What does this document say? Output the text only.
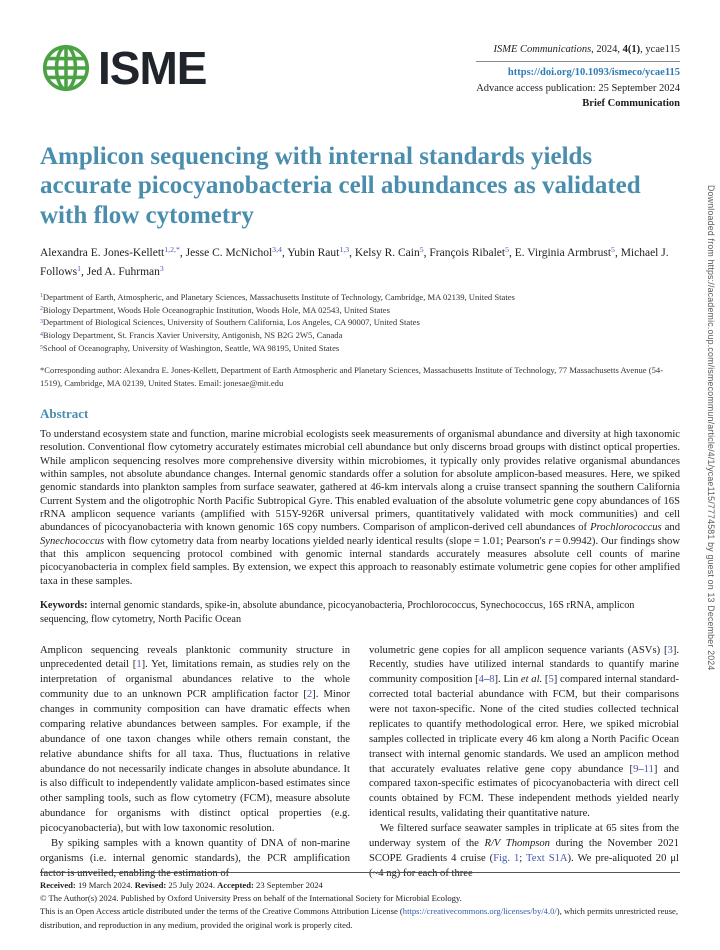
ISME	ISME Communications, 2024, 4(1), ycae115
https://doi.org/10.1093/ismeco/ycae115
Advance access publication: 25 September 2024
Brief Communication
Amplicon sequencing with internal standards yields accurate picocyanobacteria cell abundances as validated with flow cytometry
Alexandra E. Jones-Kellett$^{1,2,*}$, Jesse C. McNichol$^{3,4}$, Yubin Raut$^{1,3}$, Kelsy R. Cain$^5$, François Ribalet$^5$, E. Virginia Armbrust$^5$, Michael J. Follows$^1$, Jed A. Fuhrman$^3$
$^1$Department of Earth, Atmospheric, and Planetary Sciences, Massachusetts Institute of Technology, Cambridge, MA 02139, United States
$^2$Biology Department, Woods Hole Oceanographic Institution, Woods Hole, MA 02543, United States
$^3$Department of Biological Sciences, University of Southern California, Los Angeles, CA 90007, United States
$^4$Biology Department, St. Francis Xavier University, Antigonish, NS B2G 2W5, Canada
$^5$School of Oceanography, University of Washington, Seattle, WA 98195, United States
*Corresponding author: Alexandra E. Jones-Kellett, Department of Earth Atmospheric and Planetary Sciences, Massachusetts Institute of Technology, 77 Massachusetts Avenue (54-1519), Cambridge, MA 02139, United States. Email: jonesae@mit.edu
Abstract
To understand ecosystem state and function, marine microbial ecologists seek measurements of organismal abundance and diversity at high taxonomic resolution. Conventional flow cytometry accurately estimates microbial cell abundance but only discerns broad groups with distinct optical properties. While amplicon sequencing resolves more comprehensive diversity within microbiomes, it typically only provides relative organismal abundances within samples, not absolute abundance changes. Internal genomic standards offer a solution for absolute amplicon-based measures. Here, we spiked genomic standards into plankton samples from surface seawater, gathered at 46-km intervals along a cruise transect spanning the southern California Current System and the oligotrophic North Pacific Subtropical Gyre. This enabled evaluation of the absolute volumetric gene copy abundances of 16S rRNA amplicon sequence variants (amplified with 515Y-926R universal primers, quantitatively validated with mock communities) and cell abundances of picocyanobacteria with known genomic 16S copy numbers. Comparison of amplicon-derived cell abundances of Prochlorococcus and Synechococcus with flow cytometry data from nearby locations yielded nearly identical results (slope = 1.01; Pearson's r = 0.9942). Our findings show that this amplicon sequencing protocol combined with genomic internal standards accurately measures absolute cell counts of marine picocyanobacteria in complex field samples. By extension, we expect this approach to reasonably estimate volumetric gene copies for other amplified taxa in these samples.
Keywords: internal genomic standards, spike-in, absolute abundance, picocyanobacteria, Prochlorococcus, Synechococcus, 16S rRNA, amplicon sequencing, flow cytometry, North Pacific Ocean

Amplicon sequencing reveals planktonic community structure in unprecedented detail [1]. Yet, limitations remain, as studies rely on the interpretation of organismal abundances relative to the whole community due to an unknown PCR amplification factor [2]. Minor changes in community composition can have dramatic effects when comparing relative abundances between samples. For example, if the abundance of one taxon changes while others remain constant, the relative abundance shifts for all taxa. Thus, fluctuations in relative abundance do not necessarily indicate changes in absolute abundance. It is also difficult to independently validate amplicon-based estimates since other sampling tools, such as flow cytometry (FCM), measure absolute abundance for organisms with distinct optical properties (e.g. picocyanobacteria), but with low taxonomic resolution.

By spiking samples with a known quantity of DNA of non-marine organisms (i.e. internal genomic standards), the PCR amplification factor is unveiled, enabling the estimation of

volumetric gene copies for all amplicon sequence variants (ASVs) [3]. Recently, studies have utilized internal standards to quantify marine community composition [4–8]. Lin et al. [5] compared internal standard-corrected total bacterial abundance with FCM, but their comparisons were not taxon-specific. None of the cited studies collected technical replicates to quantify methodological error. Here, we spiked microbial samples collected in triplicate every 46 km along a North Pacific Ocean transect with internal genomic standards. We used an amplicon method that accurately evaluates relative gene copy abundance [9–11] and compared taxon-specific estimates of picocyanobacteria with direct cell counts obtained by FCM. These independent methods yielded nearly identical results, validating their quantitative nature.

We filtered surface seawater samples in triplicate at 65 sites from the underway system of the R/V Thompson during the November 2021 SCOPE Gradients 4 cruise (Fig. 1; Text S1A). We pre-aliquoted 20 μl (~4 ng) for each of three

Received: 19 March 2024. Revised: 25 July 2024. Accepted: 23 September 2024
© The Author(s) 2024. Published by Oxford University Press on behalf of the International Society for Microbial Ecology.
This is an Open Access article distributed under the terms of the Creative Commons Attribution License (https://creativecommons.org/licenses/by/4.0/), which permits unrestricted reuse, distribution, and reproduction in any medium, provided the original work is properly cited.
Downloaded from https://academic.oup.com/ismecommun/article/4/1/ycae115/7774581 by guest on 13 December 2024
